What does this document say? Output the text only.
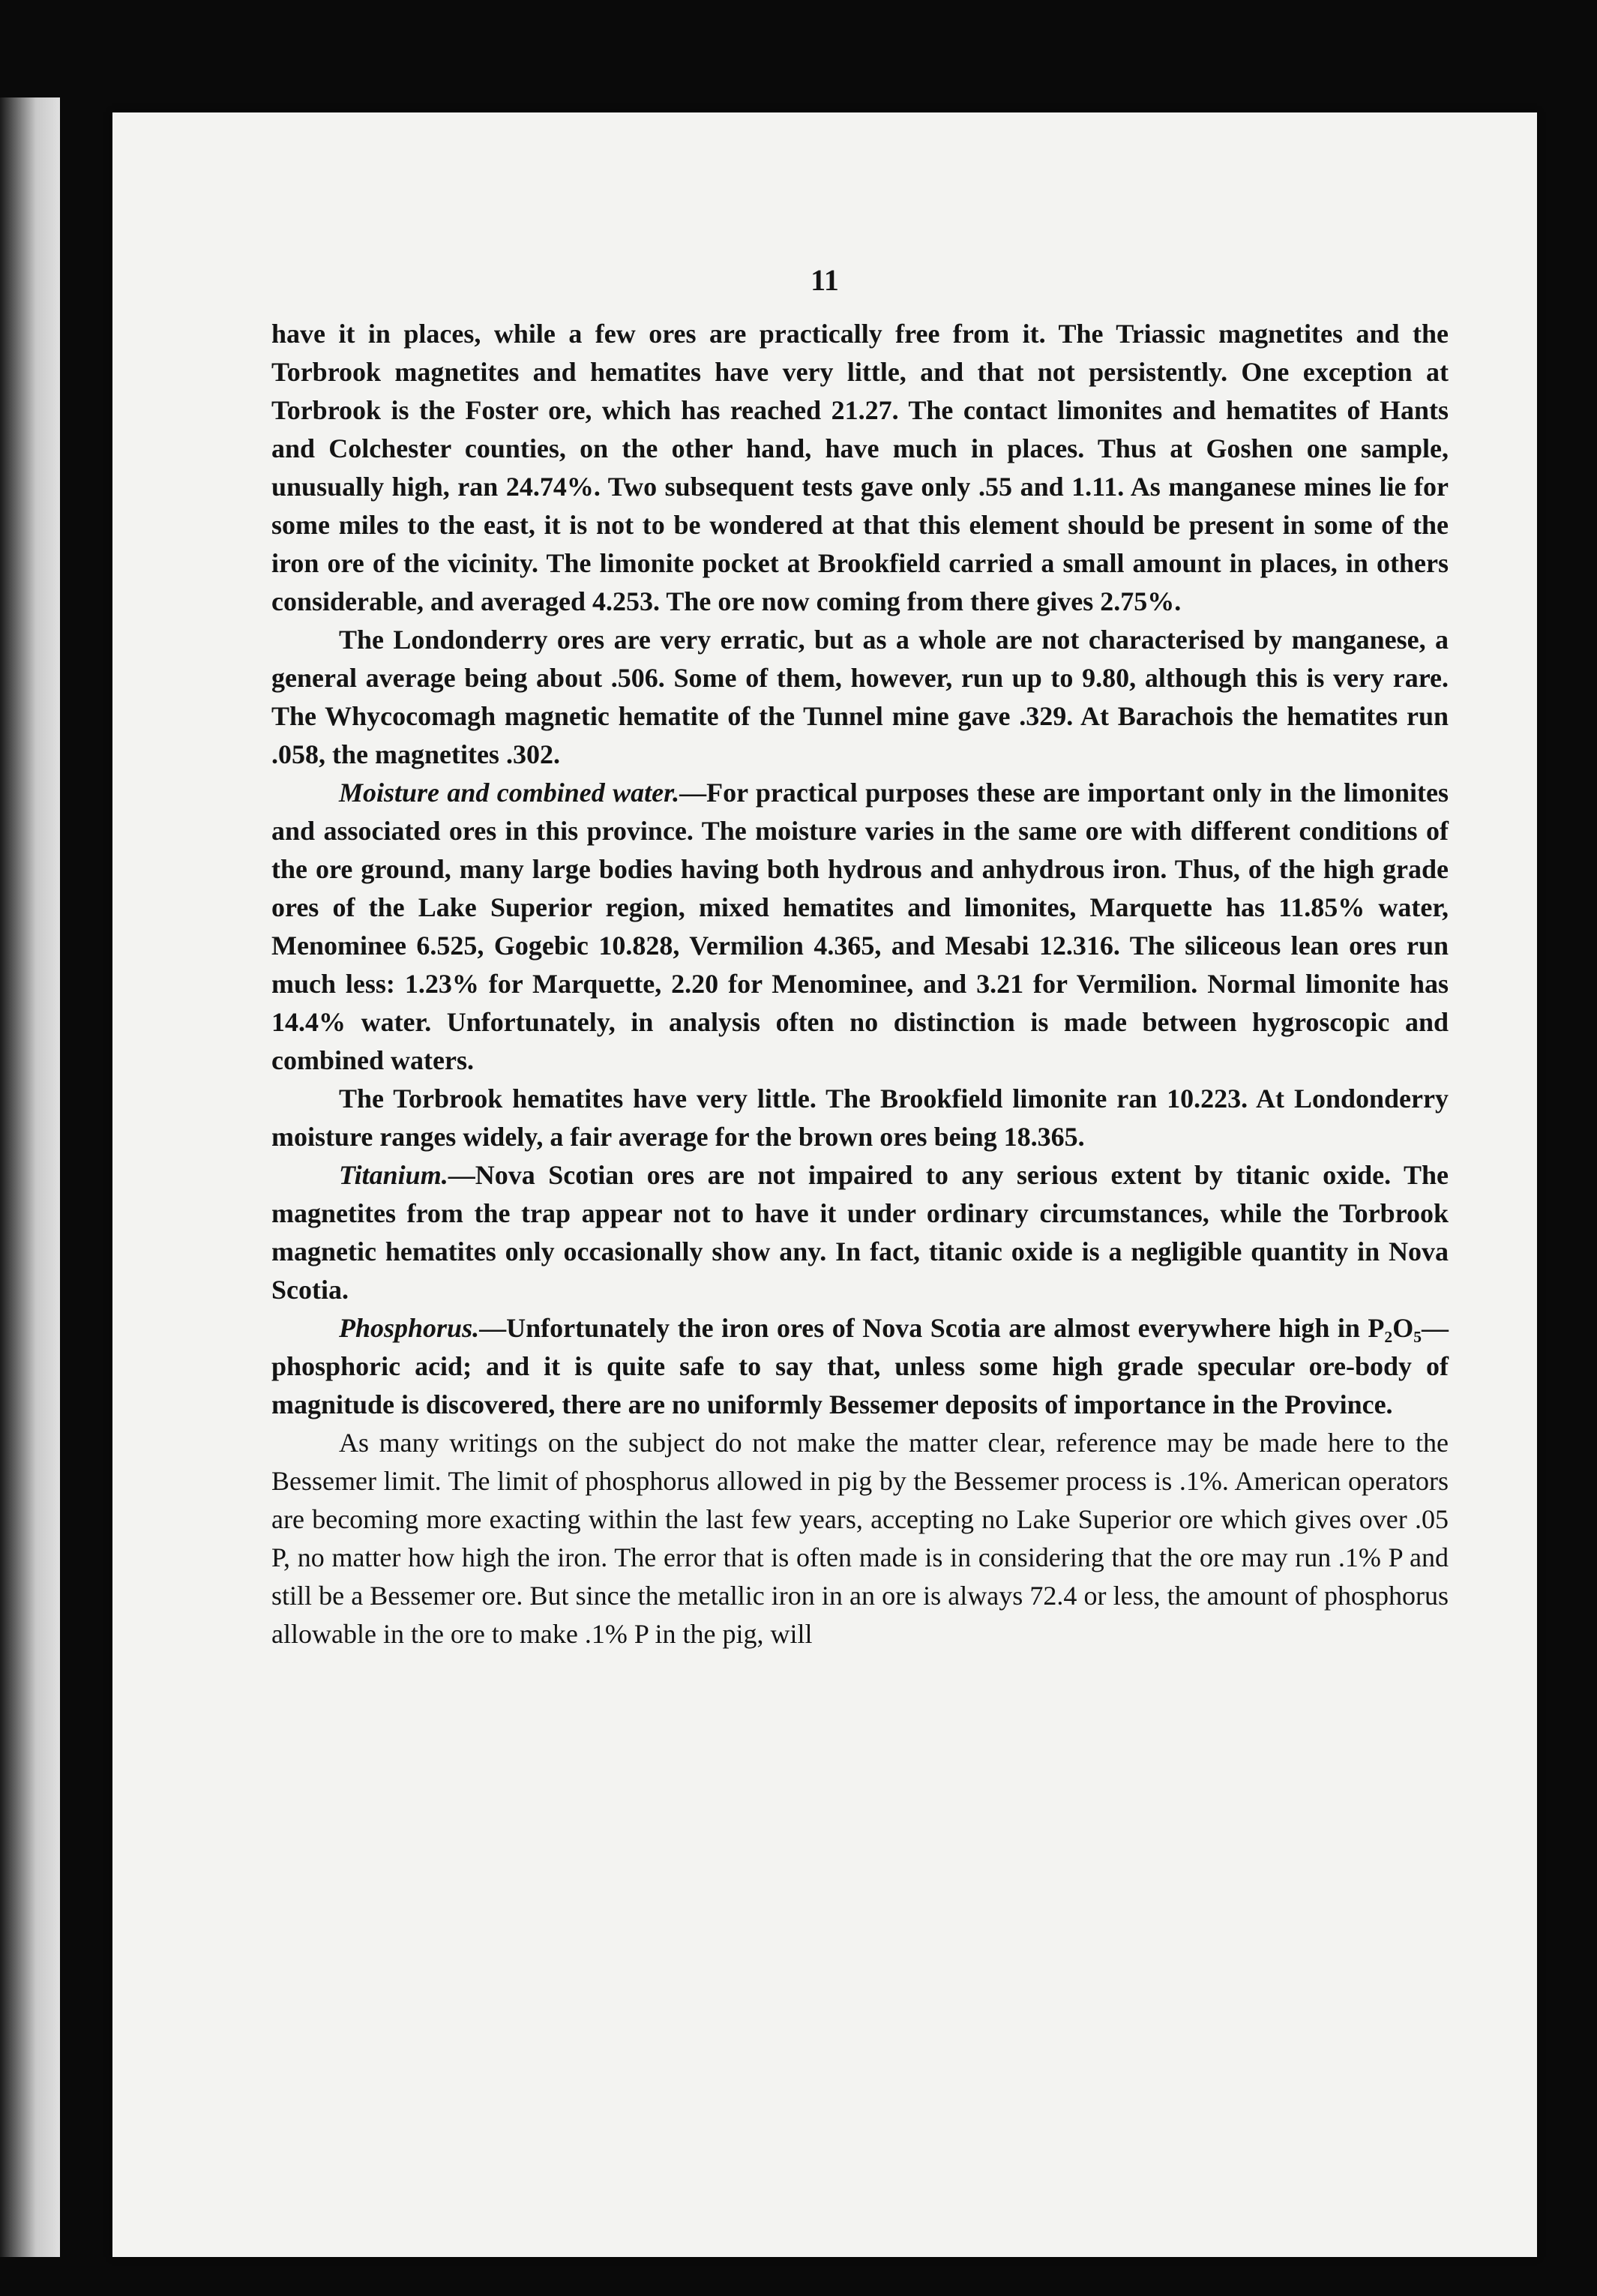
11

have it in places, while a few ores are practically free from it. The Triassic magnetites and the Torbrook magnetites and hematites have very little, and that not persistently. One exception at Torbrook is the Foster ore, which has reached 21.27. The contact limonites and hematites of Hants and Colchester counties, on the other hand, have much in places. Thus at Goshen one sample, unusually high, ran 24.74%. Two subsequent tests gave only .55 and 1.11. As manganese mines lie for some miles to the east, it is not to be wondered at that this element should be present in some of the iron ore of the vicinity. The limonite pocket at Brookfield carried a small amount in places, in others considerable, and averaged 4.253. The ore now coming from there gives 2.75%.

The Londonderry ores are very erratic, but as a whole are not characterised by manganese, a general average being about .506. Some of them, however, run up to 9.80, although this is very rare. The Whycocomagh magnetic hematite of the Tunnel mine gave .329. At Barachois the hematites run .058, the magnetites .302.

Moisture and combined water.—For practical purposes these are important only in the limonites and associated ores in this province. The moisture varies in the same ore with different conditions of the ore ground, many large bodies having both hydrous and anhydrous iron. Thus, of the high grade ores of the Lake Superior region, mixed hematites and limonites, Marquette has 11.85% water, Menominee 6.525, Gogebic 10.828, Vermilion 4.365, and Mesabi 12.316. The siliceous lean ores run much less: 1.23% for Marquette, 2.20 for Menominee, and 3.21 for Vermilion. Normal limonite has 14.4% water. Unfortunately, in analysis often no distinction is made between hygroscopic and combined waters.

The Torbrook hematites have very little. The Brookfield limonite ran 10.223. At Londonderry moisture ranges widely, a fair average for the brown ores being 18.365.

Titanium.—Nova Scotian ores are not impaired to any serious extent by titanic oxide. The magnetites from the trap appear not to have it under ordinary circumstances, while the Torbrook magnetic hematites only occasionally show any. In fact, titanic oxide is a negligible quantity in Nova Scotia.

Phosphorus.—Unfortunately the iron ores of Nova Scotia are almost everywhere high in P₂O₅—phosphoric acid; and it is quite safe to say that, unless some high grade specular ore-body of magnitude is discovered, there are no uniformly Bessemer deposits of importance in the Province.

As many writings on the subject do not make the matter clear, reference may be made here to the Bessemer limit. The limit of phosphorus allowed in pig by the Bessemer process is .1%. American operators are becoming more exacting within the last few years, accepting no Lake Superior ore which gives over .05 P, no matter how high the iron. The error that is often made is in considering that the ore may run .1% P and still be a Bessemer ore. But since the metallic iron in an ore is always 72.4 or less, the amount of phosphorus allowable in the ore to make .1% P in the pig, will
